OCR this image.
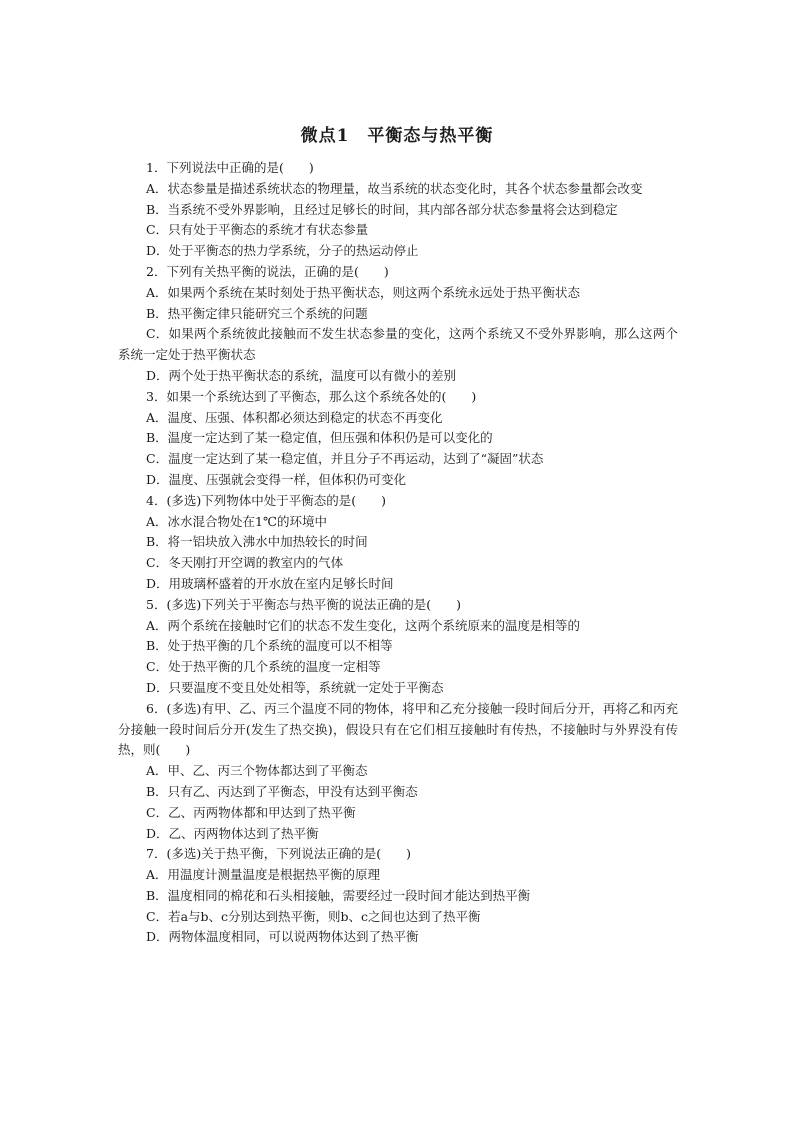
微点1　平衡态与热平衡
1．下列说法中正确的是(　　)
A．状态参量是描述系统状态的物理量，故当系统的状态变化时，其各个状态参量都会改变
B．当系统不受外界影响，且经过足够长的时间，其内部各部分状态参量将会达到稳定
C．只有处于平衡态的系统才有状态参量
D．处于平衡态的热力学系统，分子的热运动停止
2．下列有关热平衡的说法，正确的是(　　)
A．如果两个系统在某时刻处于热平衡状态，则这两个系统永远处于热平衡状态
B．热平衡定律只能研究三个系统的问题
C．如果两个系统彼此接触而不发生状态参量的变化，这两个系统又不受外界影响，那么这两个系统一定处于热平衡状态
D．两个处于热平衡状态的系统，温度可以有微小的差别
3．如果一个系统达到了平衡态，那么这个系统各处的(　　)
A．温度、压强、体积都必须达到稳定的状态不再变化
B．温度一定达到了某一稳定值，但压强和体积仍是可以变化的
C．温度一定达到了某一稳定值，并且分子不再运动，达到了“凝固”状态
D．温度、压强就会变得一样，但体积仍可变化
4．(多选)下列物体中处于平衡态的是(　　)
A．冰水混合物处在1℃的环境中
B．将一铝块放入沸水中加热较长的时间
C．冬天刚打开空调的教室内的气体
D．用玻璃杯盛着的开水放在室内足够长时间
5．(多选)下列关于平衡态与热平衡的说法正确的是(　　)
A．两个系统在接触时它们的状态不发生变化，这两个系统原来的温度是相等的
B．处于热平衡的几个系统的温度可以不相等
C．处于热平衡的几个系统的温度一定相等
D．只要温度不变且处处相等，系统就一定处于平衡态
6．(多选)有甲、乙、丙三个温度不同的物体，将甲和乙充分接触一段时间后分开，再将乙和丙充分接触一段时间后分开(发生了热交换)，假设只有在它们相互接触时有传热，不接触时与外界没有传热，则(　　)
A．甲、乙、丙三个物体都达到了平衡态
B．只有乙、丙达到了平衡态，甲没有达到平衡态
C．乙、丙两物体都和甲达到了热平衡
D．乙、丙两物体达到了热平衡
7．(多选)关于热平衡，下列说法正确的是(　　)
A．用温度计测量温度是根据热平衡的原理
B．温度相同的棉花和石头相接触，需要经过一段时间才能达到热平衡
C．若a与b、c分别达到热平衡，则b、c之间也达到了热平衡
D．两物体温度相同，可以说两物体达到了热平衡
